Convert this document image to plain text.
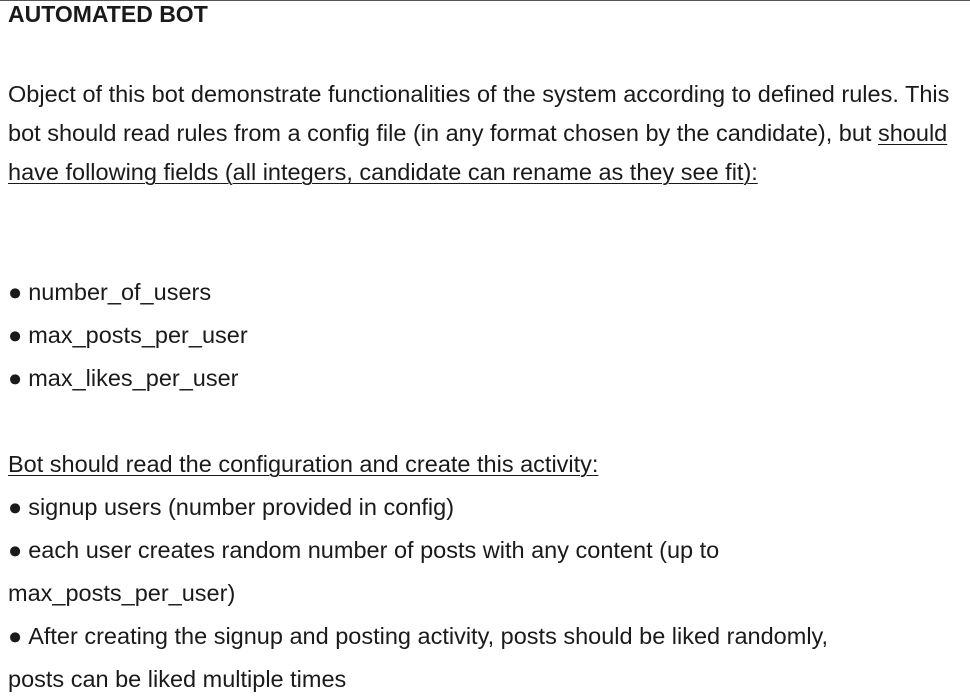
AUTOMATED BOT

Object of this bot demonstrate functionalities of the system according to defined rules. This bot should read rules from a config file (in any format chosen by the candidate), but should have following fields (all integers, candidate can rename as they see fit):

● number_of_users
● max_posts_per_user
● max_likes_per_user
Bot should read the configuration and create this activity:
● signup users (number provided in config)
● each user creates random number of posts with any content (up to
max_posts_per_user)
● After creating the signup and posting activity, posts should be liked randomly,
posts can be liked multiple times
